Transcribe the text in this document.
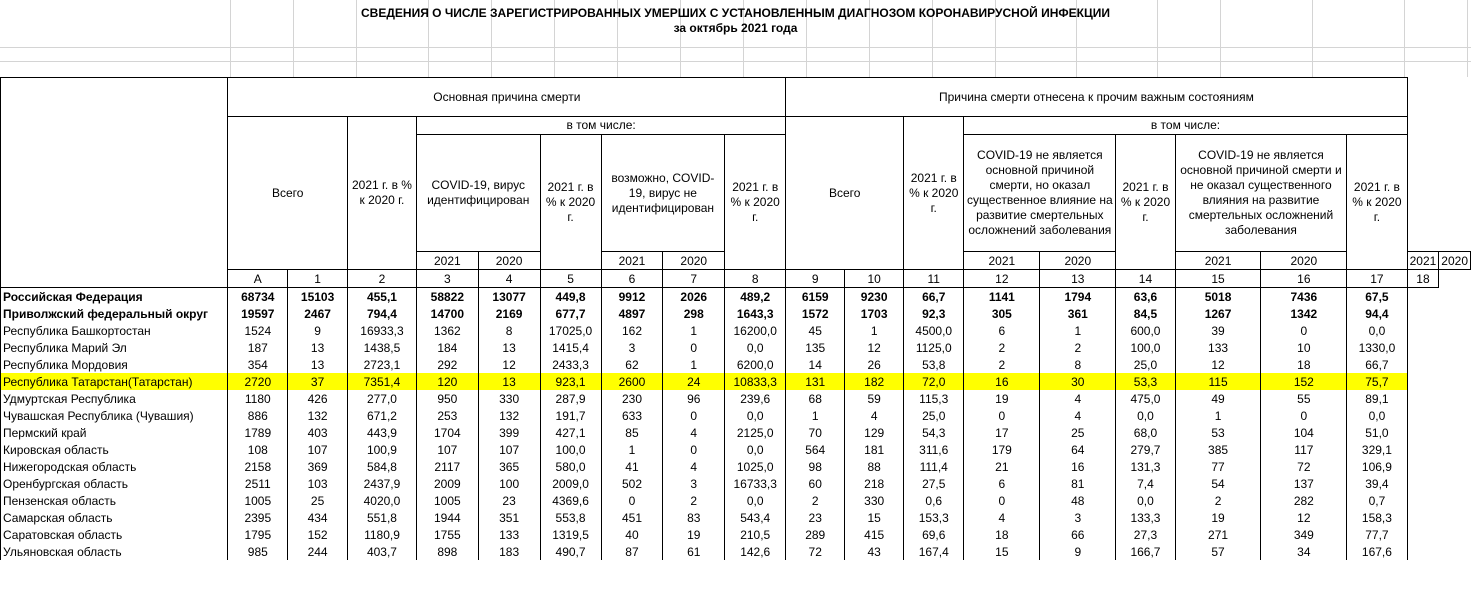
СВЕДЕНИЯ О ЧИСЛЕ ЗАРЕГИСТРИРОВАННЫХ УМЕРШИХ С УСТАНОВЛЕННЫМ ДИАГНОЗОМ КОРОНАВИРУСНОЙ ИНФЕКЦИИ
за октябрь 2021 года
	Основная причина смерти									Причина смерти отнесена к прочим важным состояниям										
	Всего		2021 г. в % к 2020 г.	в том числе:						Всего		2021 г. в % к 2020 г.	в том числе:							
				COVID-19, вирус идентифицирован		2021 г. в % к 2020 г.	возможно, COVID-19, вирус не идентифицирован		2021 г. в % к 2020 г.				COVID-19 не является основной причиной смерти, но оказал существенное влияние на развитие смертельных осложнений заболевания		2021 г. в % к 2020 г.	COVID-19 не является основной причиной смерти и не оказал существенного влияния на развитие смертельных осложнений заболевания		2021 г. в % к 2020 г.		

				2021	2020		2021	2020					2021	2020		2021	2020		2021	2020
	А	1	2	3	4	5	6	7	8	9	10	11	12	13	14	15	16	17	18	
Российская Федерация	68734	15103	455,1	58822	13077	449,8	9912	2026	489,2	6159	9230	66,7	1141	1794	63,6	5018	7436	67,5		
Приволжский федеральный округ	19597	2467	794,4	14700	2169	677,7	4897	298	1643,3	1572	1703	92,3	305	361	84,5	1267	1342	94,4		
Республика Башкортостан	1524	9	16933,3	1362	8	17025,0	162	1	16200,0	45	1	4500,0	6	1	600,0	39	0	0,0		
Республика Марий Эл	187	13	1438,5	184	13	1415,4	3	0	0,0	135	12	1125,0	2	2	100,0	133	10	1330,0		
Республика Мордовия	354	13	2723,1	292	12	2433,3	62	1	6200,0	14	26	53,8	2	8	25,0	12	18	66,7		
Республика Татарстан(Татарстан)	2720	37	7351,4	120	13	923,1	2600	24	10833,3	131	182	72,0	16	30	53,3	115	152	75,7		
Удмуртская Республика	1180	426	277,0	950	330	287,9	230	96	239,6	68	59	115,3	19	4	475,0	49	55	89,1		
Чувашская Республика (Чувашия)	886	132	671,2	253	132	191,7	633	0	0,0	1	4	25,0	0	4	0,0	1	0	0,0		
Пермский край	1789	403	443,9	1704	399	427,1	85	4	2125,0	70	129	54,3	17	25	68,0	53	104	51,0		
Кировская область	108	107	100,9	107	107	100,0	1	0	0,0	564	181	311,6	179	64	279,7	385	117	329,1		
Нижегородская область	2158	369	584,8	2117	365	580,0	41	4	1025,0	98	88	111,4	21	16	131,3	77	72	106,9		
Оренбургская область	2511	103	2437,9	2009	100	2009,0	502	3	16733,3	60	218	27,5	6	81	7,4	54	137	39,4		
Пензенская область	1005	25	4020,0	1005	23	4369,6	0	2	0,0	2	330	0,6	0	48	0,0	2	282	0,7		
Самарская область	2395	434	551,8	1944	351	553,8	451	83	543,4	23	15	153,3	4	3	133,3	19	12	158,3		
Саратовская область	1795	152	1180,9	1755	133	1319,5	40	19	210,5	289	415	69,6	18	66	27,3	271	349	77,7		
Ульяновская область	985	244	403,7	898	183	490,7	87	61	142,6	72	43	167,4	15	9	166,7	57	34	167,6		
